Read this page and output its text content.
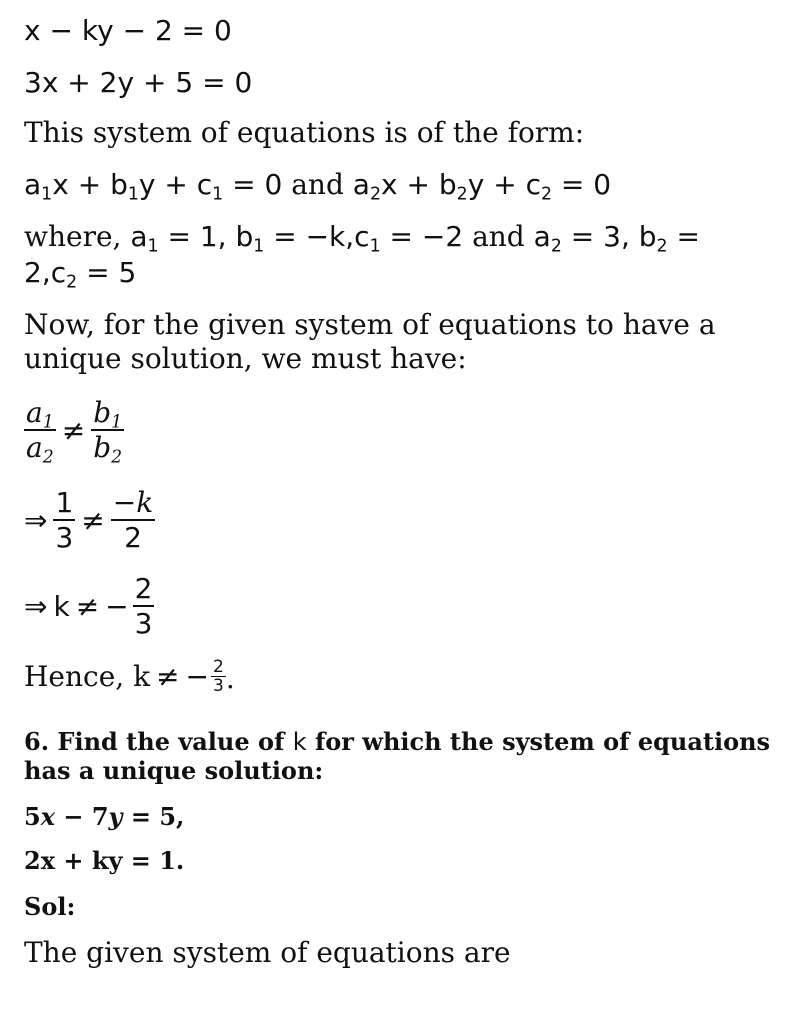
x − ky − 2 = 0
3x + 2y + 5 = 0
This system of equations is of the form:
$a_1x + b_1y + c_1 = 0$ and $a_2x + b_2y + c_2 = 0$
where, $a_1 = 1$, $b_1 = -k,c_1 = -2$ and $a_2 = 3$, $b_2$ =
$2,c_2 = 5$
Now, for the given system of equations to have a
unique solution, we must have:
$\frac{a_1}{a_2} \ne \frac{b_1}{b_2}$
⇒ $\frac{1}{3} \ne \frac{-k}{2}$
⇒ k ≠ − $\frac{2}{3}$
Hence, k ≠ − $\frac{2}{3}$ .
6. Find the value of k for which the system of equations
has a unique solution:
5x − 7y = 5,
2x + ky = 1.
Sol:
The given system of equations are
